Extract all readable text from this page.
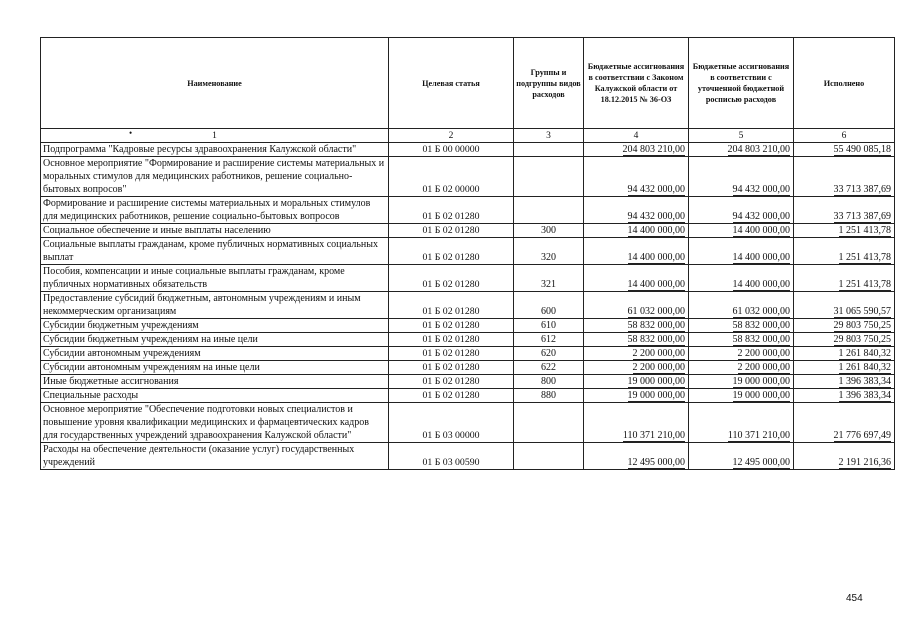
Наименование	Целевая статья	Группы и подгруппы видов расходов	Бюджетные ассигнования в соответствии с Законом Калужской области от 18.12.2015 № 36-ОЗ	Бюджетные ассигнования в соответствии с уточненной бюджетной росписью расходов	Исполнено

• 1	2	3	4	5	6
Подпрограмма "Кадровые ресурсы здравоохранения Калужской области"	01 Б 00 00000		204 803 210,00	204 803 210,00	55 490 085,18
Основное мероприятие "Формирование и расширение системы материальных и моральных стимулов для медицинских работников, решение социально-бытовых вопросов"	01 Б 02 00000		94 432 000,00	94 432 000,00	33 713 387,69
Формирование и расширение системы материальных и моральных стимулов для медицинских работников, решение социально-бытовых вопросов	01 Б 02 01280		94 432 000,00	94 432 000,00	33 713 387,69
Социальное обеспечение и иные выплаты населению	01 Б 02 01280	300	14 400 000,00	14 400 000,00	1 251 413,78
Социальные выплаты гражданам, кроме публичных нормативных социальных выплат	01 Б 02 01280	320	14 400 000,00	14 400 000,00	1 251 413,78
Пособия, компенсации и иные социальные выплаты гражданам, кроме публичных нормативных обязательств	01 Б 02 01280	321	14 400 000,00	14 400 000,00	1 251 413,78
Предоставление субсидий бюджетным, автономным учреждениям и иным некоммерческим организациям	01 Б 02 01280	600	61 032 000,00	61 032 000,00	31 065 590,57
Субсидии бюджетным учреждениям	01 Б 02 01280	610	58 832 000,00	58 832 000,00	29 803 750,25
Субсидии бюджетным учреждениям на иные цели	01 Б 02 01280	612	58 832 000,00	58 832 000,00	29 803 750,25
Субсидии автономным учреждениям	01 Б 02 01280	620	2 200 000,00	2 200 000,00	1 261 840,32
Субсидии автономным учреждениям на иные цели	01 Б 02 01280	622	2 200 000,00	2 200 000,00	1 261 840,32
Иные бюджетные ассигнования	01 Б 02 01280	800	19 000 000,00	19 000 000,00	1 396 383,34
Специальные расходы	01 Б 02 01280	880	19 000 000,00	19 000 000,00	1 396 383,34
Основное мероприятие "Обеспечение подготовки новых специалистов и повышение уровня квалификации медицинских и фармацевтических кадров для государственных учреждений здравоохранения Калужской области"	01 Б 03 00000		110 371 210,00	110 371 210,00	21 776 697,49
Расходы на обеспечение деятельности (оказание услуг) государственных учреждений	01 Б 03 00590		12 495 000,00	12 495 000,00	2 191 216,36
454
